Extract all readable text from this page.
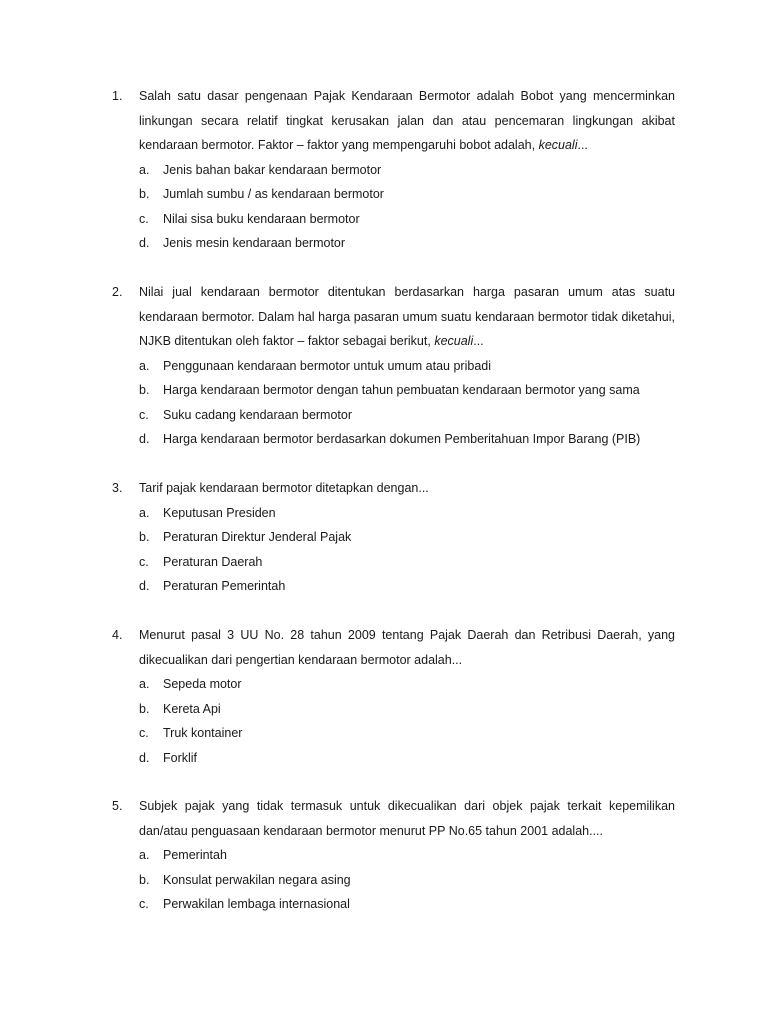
1. Salah satu dasar pengenaan Pajak Kendaraan Bermotor adalah Bobot yang mencerminkan linkungan secara relatif tingkat kerusakan jalan dan atau pencemaran lingkungan akibat kendaraan bermotor. Faktor – faktor yang mempengaruhi bobot adalah, kecuali...
a. Jenis bahan bakar kendaraan bermotor
b. Jumlah sumbu / as kendaraan bermotor
c. Nilai sisa buku kendaraan bermotor
d. Jenis mesin kendaraan bermotor
2. Nilai jual kendaraan bermotor ditentukan berdasarkan harga pasaran umum atas suatu kendaraan bermotor. Dalam hal harga pasaran umum suatu kendaraan bermotor tidak diketahui, NJKB ditentukan oleh faktor – faktor sebagai berikut, kecuali...
a. Penggunaan kendaraan bermotor untuk umum atau pribadi
b. Harga kendaraan bermotor dengan tahun pembuatan kendaraan bermotor yang sama
c. Suku cadang kendaraan bermotor
d. Harga kendaraan bermotor berdasarkan dokumen Pemberitahuan Impor Barang (PIB)
3. Tarif pajak kendaraan bermotor ditetapkan dengan...
a. Keputusan Presiden
b. Peraturan Direktur Jenderal Pajak
c. Peraturan Daerah
d. Peraturan Pemerintah
4. Menurut pasal 3 UU No. 28 tahun 2009 tentang Pajak Daerah dan Retribusi Daerah, yang dikecualikan dari pengertian kendaraan bermotor adalah...
a. Sepeda motor
b. Kereta Api
c. Truk kontainer
d. Forklif
5. Subjek pajak yang tidak termasuk untuk dikecualikan dari objek pajak terkait kepemilikan dan/atau penguasaan kendaraan bermotor menurut PP No.65 tahun 2001 adalah....
a. Pemerintah
b. Konsulat perwakilan negara asing
c. Perwakilan lembaga internasional
